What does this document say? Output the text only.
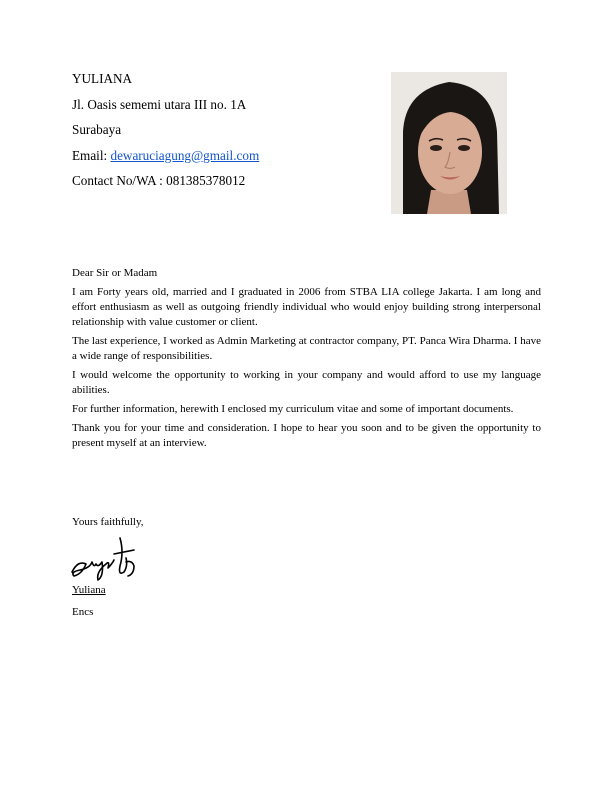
YULIANA
Jl. Oasis sememi utara III no. 1A
Surabaya
Email: dewaruciagung@gmail.com
Contact No/WA : 081385378012

Dear Sir or Madam

I am Forty years old, married and I graduated in 2006 from STBA LIA college Jakarta. I am long and effort enthusiasm as well as outgoing friendly individual who would enjoy building strong interpersonal relationship with value customer or client.

The last experience, I worked as Admin Marketing at contractor company, PT. Panca Wira Dharma. I have a wide range of responsibilities.

I would welcome the opportunity to working in your company and would afford to use my language abilities.

For further information, herewith I enclosed my curriculum vitae and some of important documents.

Thank you for your time and consideration. I hope to hear you soon and to be given the opportunity to present myself at an interview.

Yours faithfully,
Yuliana
Encs
